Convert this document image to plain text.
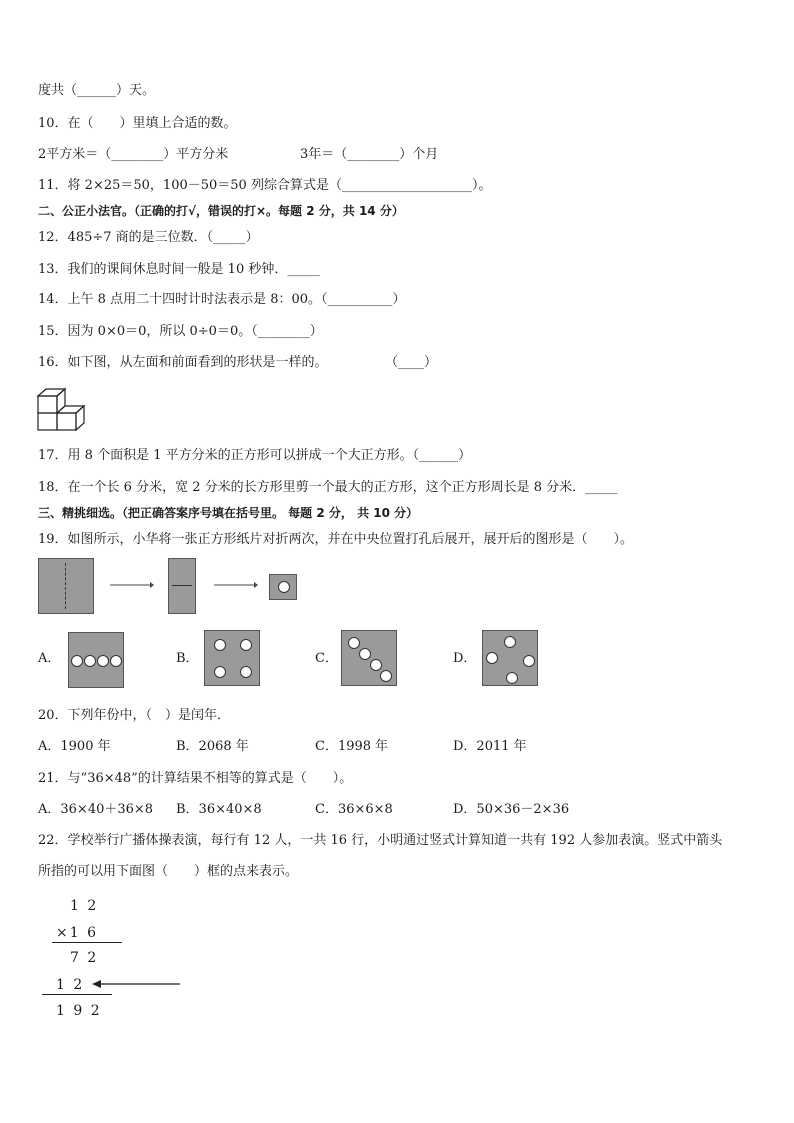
度共（______）天。
10．在（　　）里填上合适的数。
2平方米＝（________）平方分米	3年＝（________）个月
11．将 2×25＝50，100－50＝50 列综合算式是（____________________）。
二、公正小法官。（正确的打√，错误的打×。每题 2 分，共 14 分）
12．485÷7 商的是三位数．（_____）
13．我们的课间休息时间一般是 10 秒钟．_____
14．上午 8 点用二十四时计时法表示是 8：00。（__________）
15．因为 0×0＝0，所以 0÷0＝0。（________）
16．如下图，从左面和前面看到的形状是一样的。	（____）
17．用 8 个面积是 1 平方分米的正方形可以拼成一个大正方形。（______）
18．在一个长 6 分米，宽 2 分米的长方形里剪一个最大的正方形，这个正方形周长是 8 分米．_____
三、精挑细选。（把正确答案序号填在括号里。 每题 2 分， 共 10 分）
19．如图所示，小华将一张正方形纸片对折两次，并在中央位置打孔后展开，展开后的图形是（　　）。
A．	B．	C．	D．
20．下列年份中，（　）是闰年．
A．1900 年	B．2068 年	C．1998 年	D．2011 年
21．与“36×48”的计算结果不相等的算式是（　　）。
A．36×40＋36×8 B．36×40×8	C．36×6×8	D．50×36－2×36
22．学校举行广播体操表演，每行有 12 人，一共 16 行，小明通过竖式计算知道一共有 192 人参加表演。竖式中箭头
所指的可以用下面图（　　）框的点来表示。
1 2
×1 6
7 2
1 2
1 9 2
